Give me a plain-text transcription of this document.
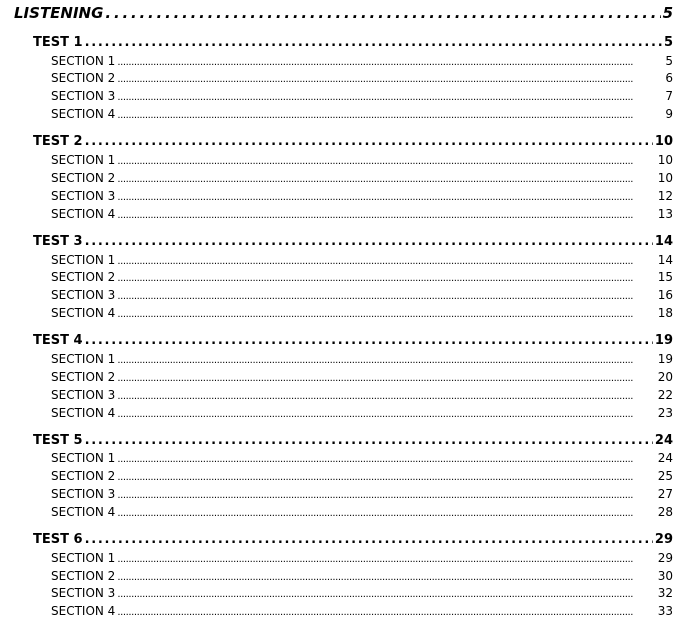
LISTENING . . .	5
TEST 1 . . .	5
SECTION 1 . . .	5
SECTION 2 . . .	6
SECTION 3 . . .	7
SECTION 4 . . .	9
TEST 2 . . .	10
SECTION 1 . . .	10
SECTION 2 . . .	10
SECTION 3 . . .	12
SECTION 4 . . .	13
TEST 3 . . .	14
SECTION 1 . . .	14
SECTION 2 . . .	15
SECTION 3 . . .	16
SECTION 4 . . .	18
TEST 4 . . .	19
SECTION 1 . . .	19
SECTION 2 . . .	20
SECTION 3 . . .	22
SECTION 4 . . .	23
TEST 5 . . .	24
SECTION 1 . . .	24
SECTION 2 . . .	25
SECTION 3 . . .	27
SECTION 4 . . .	28
TEST 6 . . .	29
SECTION 1 . . .	29
SECTION 2 . . .	30
SECTION 3 . . .	32
SECTION 4 . . .	33
